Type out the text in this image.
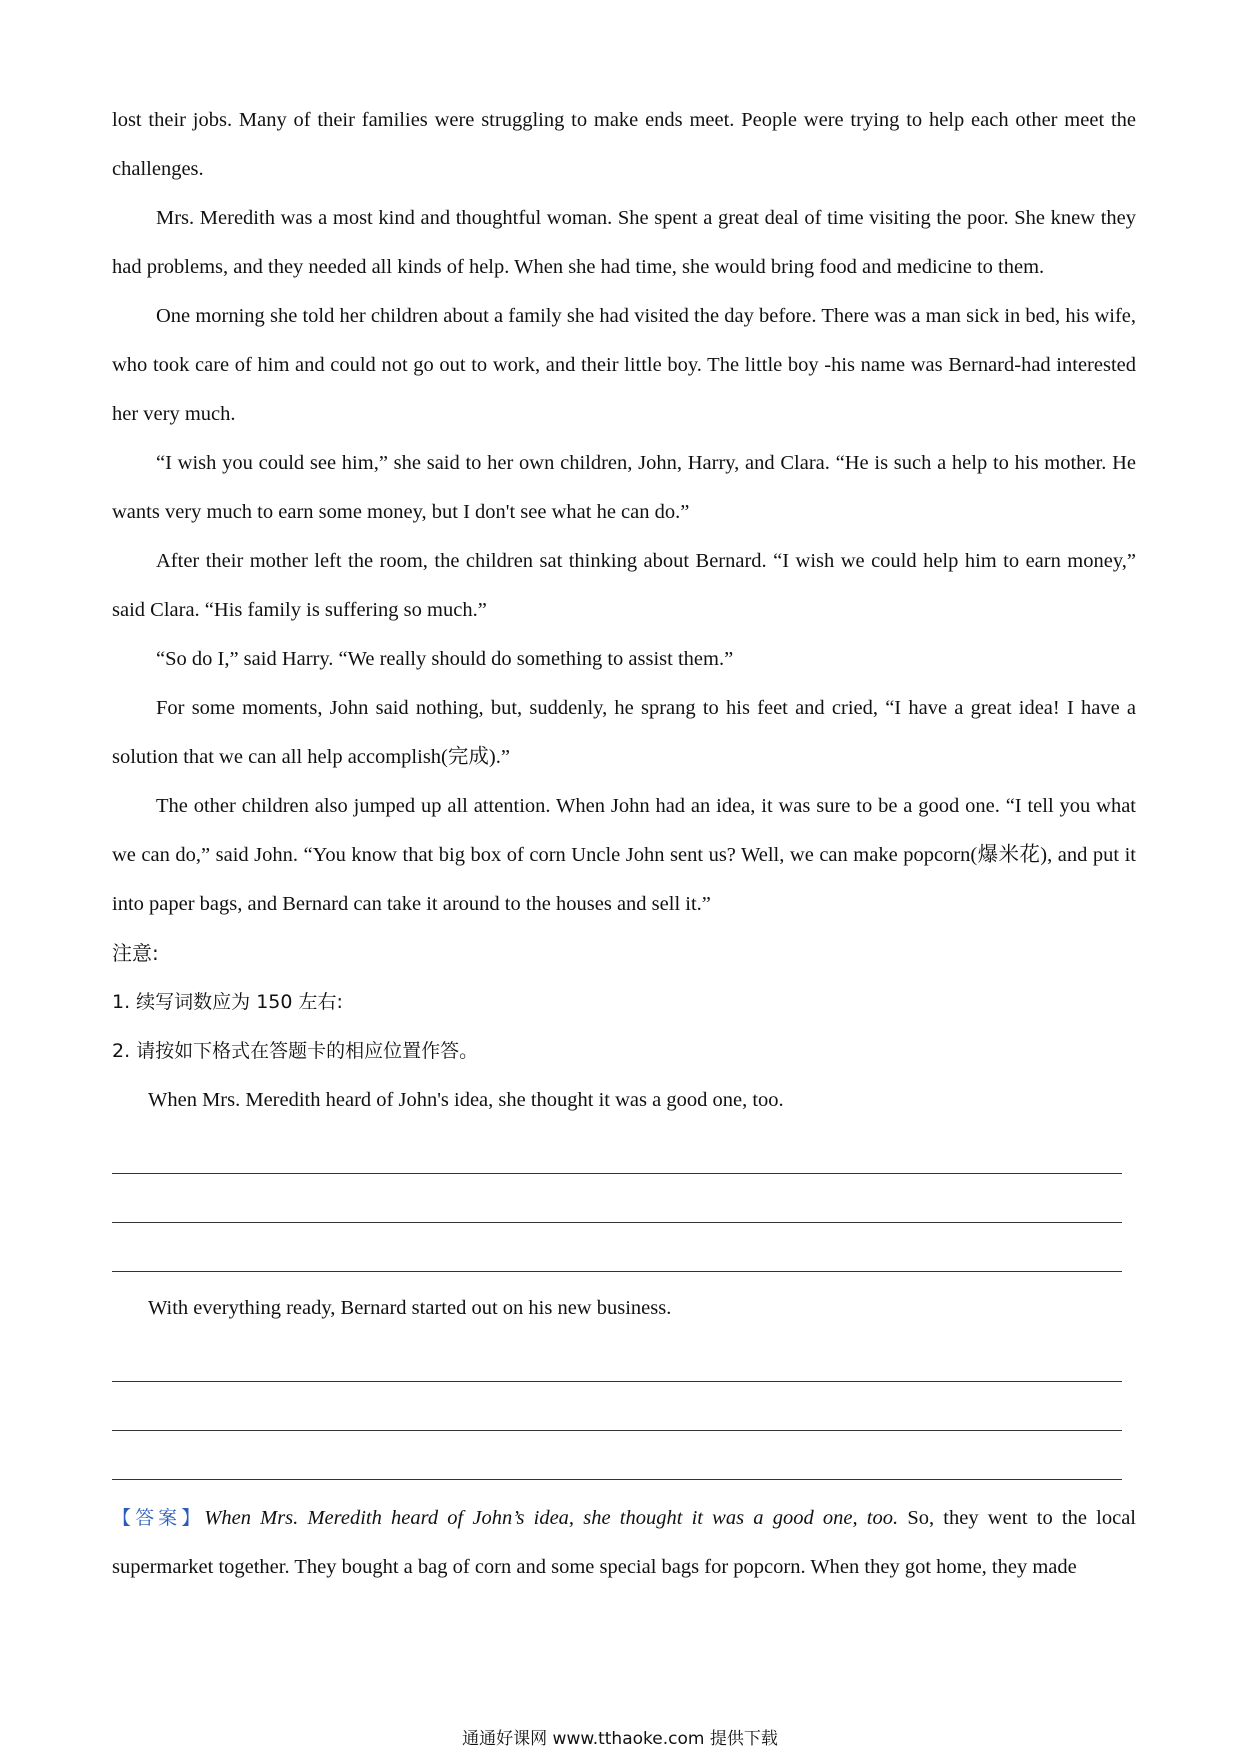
lost their jobs. Many of their families were struggling to make ends meet. People were trying to help each other meet the challenges.

Mrs. Meredith was a most kind and thoughtful woman. She spent a great deal of time visiting the poor. She knew they had problems, and they needed all kinds of help. When she had time, she would bring food and medicine to them.

One morning she told her children about a family she had visited the day before. There was a man sick in bed, his wife, who took care of him and could not go out to work, and their little boy. The little boy -his name was Bernard-had interested her very much.

“I wish you could see him,” she said to her own children, John, Harry, and Clara. “He is such a help to his mother. He wants very much to earn some money, but I don't see what he can do.”

After their mother left the room, the children sat thinking about Bernard. “I wish we could help him to earn money,” said Clara. “His family is suffering so much.”

“So do I,” said Harry. “We really should do something to assist them.”

For some moments, John said nothing, but, suddenly, he sprang to his feet and cried, “I have a great idea! I have a solution that we can all help accomplish(完成).”

The other children also jumped up all attention. When John had an idea, it was sure to be a good one. “I tell you what we can do,” said John. “You know that big box of corn Uncle John sent us? Well, we can make popcorn(爆米花), and put it into paper bags, and Bernard can take it around to the houses and sell it.”

注意:

1. 续写词数应为 150 左右:

2. 请按如下格式在答题卡的相应位置作答。

When Mrs. Meredith heard of John's idea, she thought it was a good one, too.

With everything ready, Bernard started out on his new business.

【答案】When Mrs. Meredith heard of John’s idea, she thought it was a good one, too. So, they went to the local supermarket together. They bought a bag of corn and some special bags for popcorn. When they got home, they made

通通好课网 www.tthaoke.com 提供下载
